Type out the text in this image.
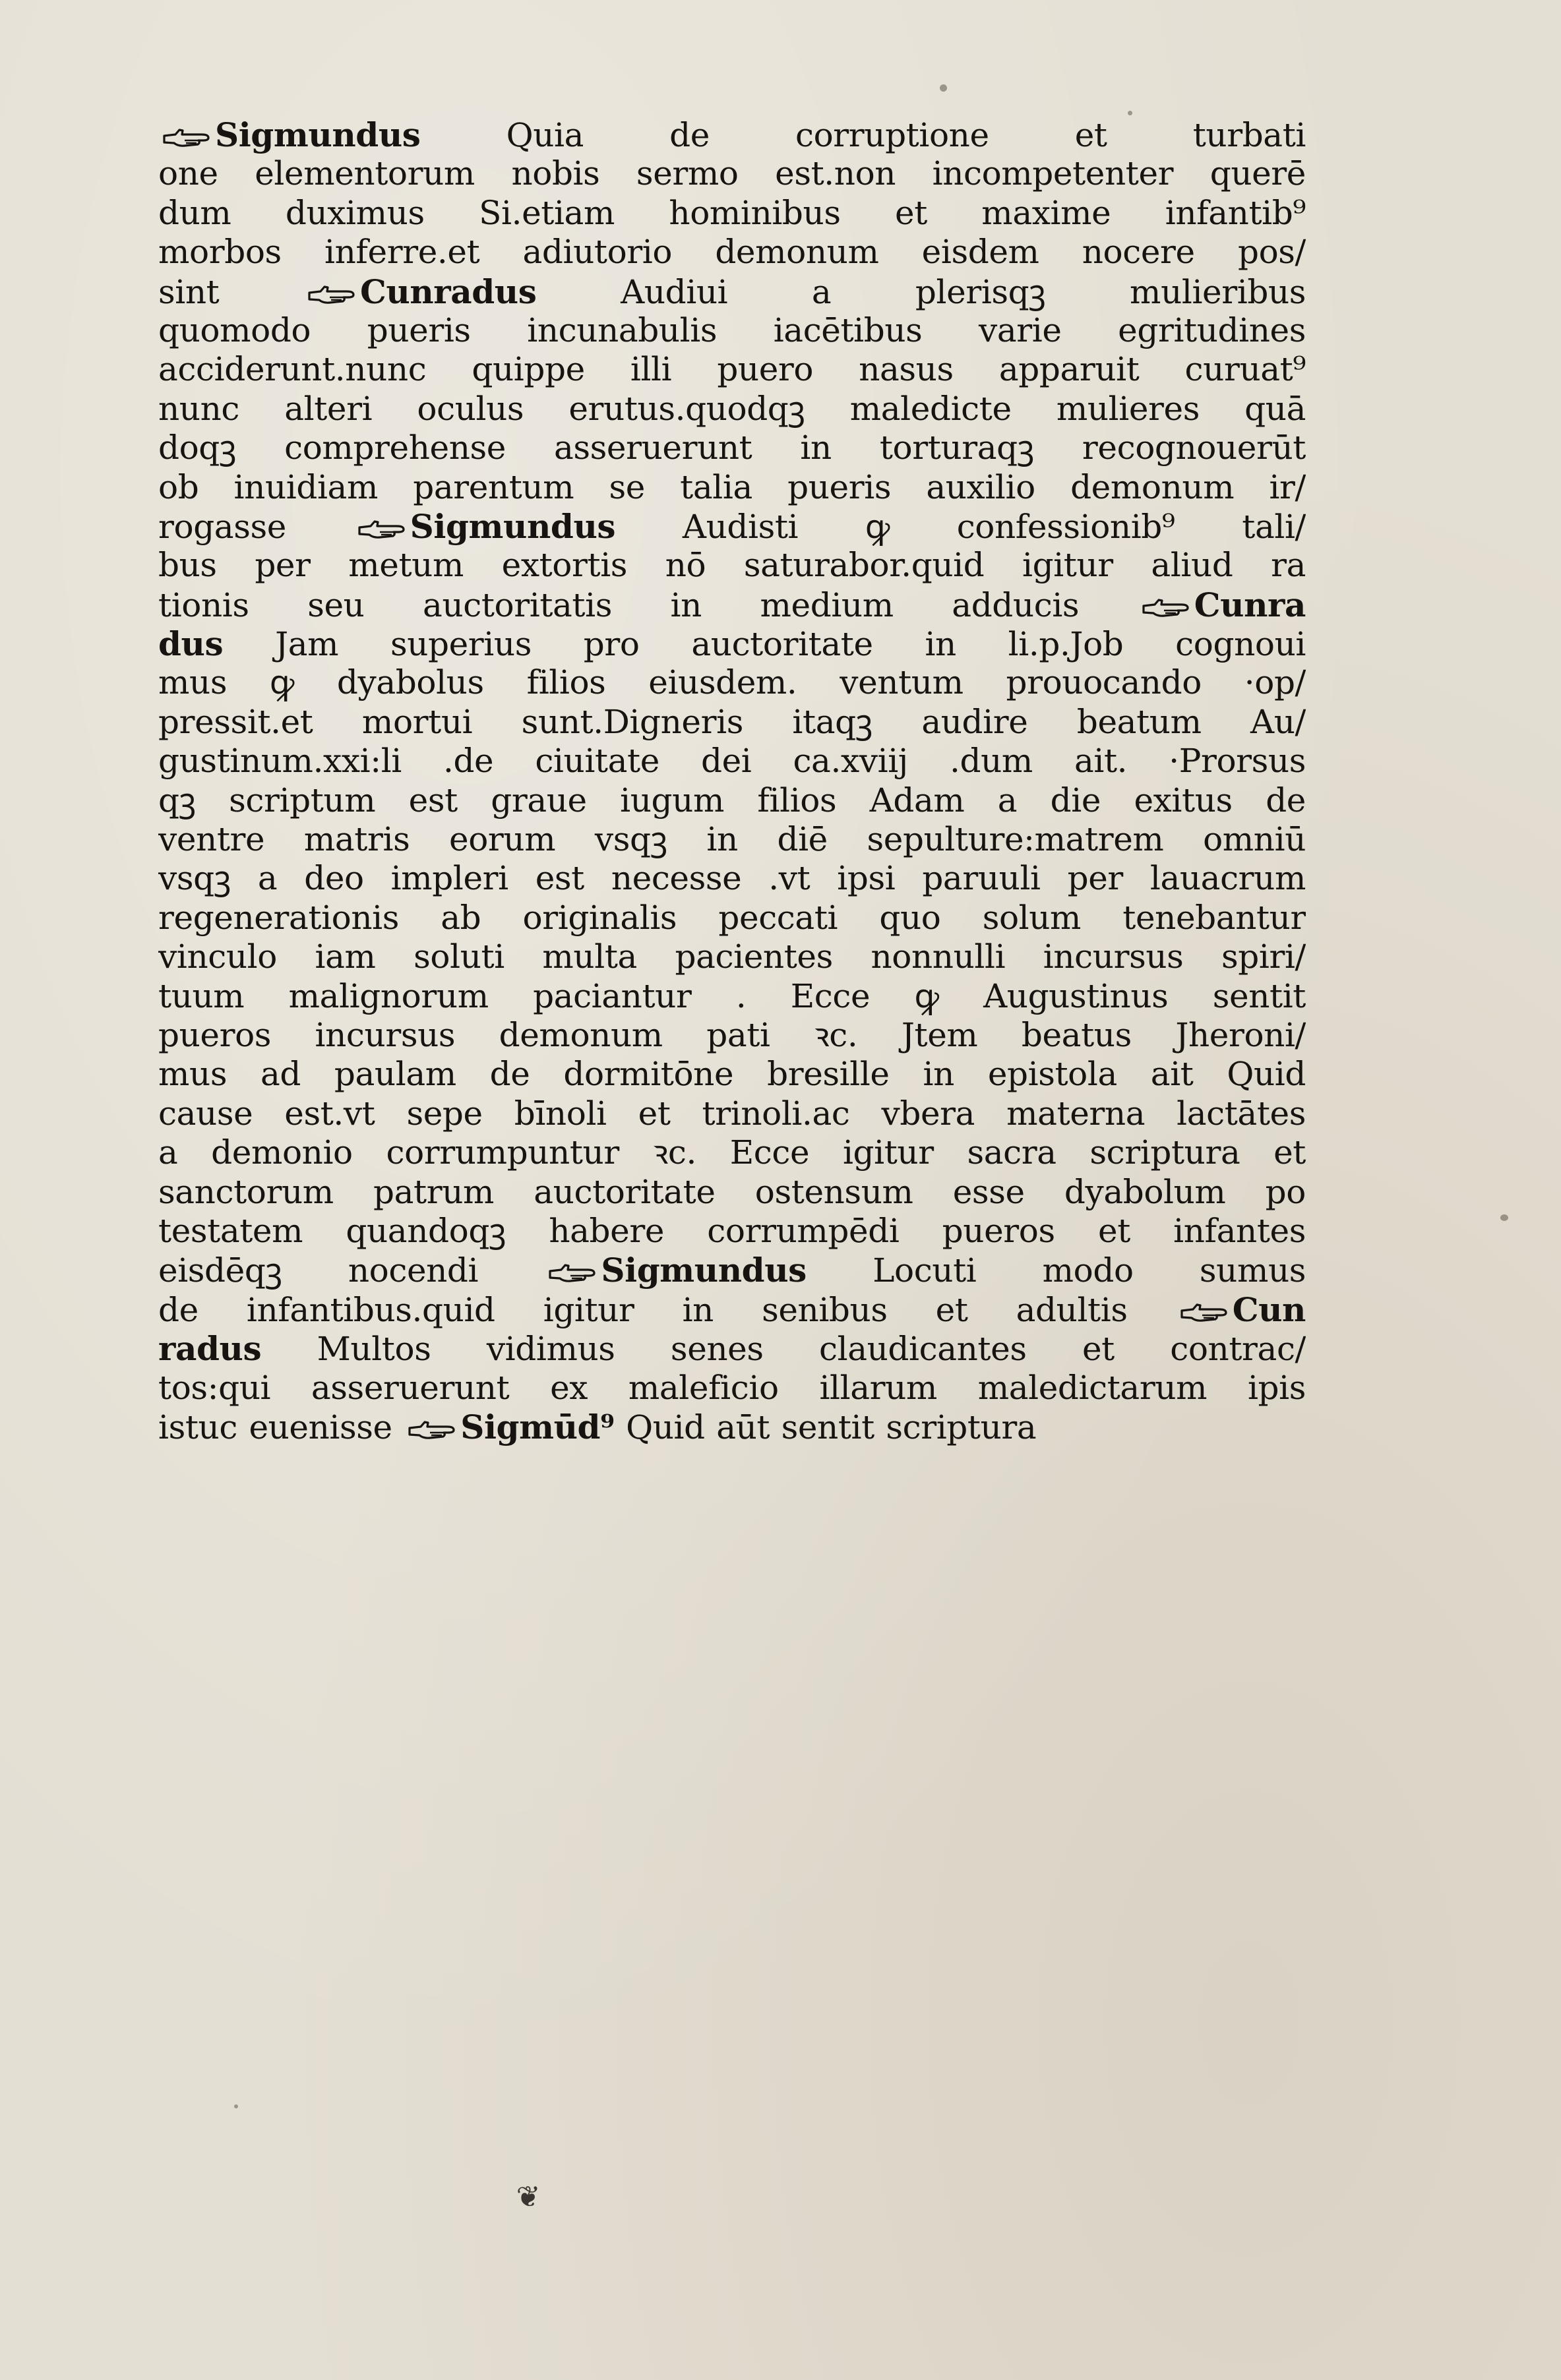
Sigmundus	Quia de corruptione et turbati
one elementorum nobis sermo est.non incompetenter querē
dum duximus Si.etiam hominibus et maxime infantib⁹
morbos inferre.et adiutorio demonum eisdem nocere pos/
sint	Cunradus	Audiui a plerisqꝫ mulieribus
quomodo pueris incunabulis iacētibus varie egritudines
acciderunt.nunc quippe illi puero nasus apparuit curuat⁹
nunc alteri oculus erutus.quodqꝫ maledicte mulieres quā
doqꝫ comprehense asseruerunt in torturaqꝫ recognouerūt
ob inuidiam parentum se talia pueris auxilio demonum ir/
rogasse	Sigmundus Audisti ꝙ confessionib⁹ tali/
bus per metum extortis nō saturabor.quid igitur aliud ra
tionis seu auctoritatis in medium adducis	Cunra
dus Jam superius pro auctoritate in li.p.Job cognoui
mus ꝙ dyabolus filios eiusdem. ventum prouocando ·op/
pressit.et mortui sunt.Digneris itaqꝫ audire beatum Au/
gustinum.xxi:li .de ciuitate dei ca.xviij .dum ait. ·Prorsus
qꝫ scriptum est graue iugum filios Adam a die exitus de
ventre matris eorum vsqꝫ in diē sepulture:matrem omniū
vsqꝫ a deo impleri est necesse .vt ipsi paruuli per lauacrum
regenerationis ab originalis peccati quo solum tenebantur
vinculo iam soluti multa pacientes nonnulli incursus spiri/
tuum malignorum paciantur . Ecce ꝙ Augustinus sentit
pueros incursus demonum pati ꝛc. Jtem beatus Jheroni/
mus ad paulam de dormitōne bresille in epistola ait Quid
cause est.vt sepe bīnoli et trinoli.ac vbera materna lactātes
a demonio corrumpuntur ꝛc. Ecce igitur sacra scriptura et
sanctorum patrum auctoritate ostensum esse dyabolum po
testatem quandoqꝫ habere corrumpēdi pueros et infantes
eisdēqꝫ nocendi	Sigmundus Locuti modo sumus
de infantibus.quid igitur in senibus et adultis	Cun
radus Multos vidimus senes claudicantes et contrac/
tos:qui asseruerunt ex maleficio illarum maledictarum ipis
istuc euenisse Sigmūd⁹ Quid aūt sentit scriptura
❦
